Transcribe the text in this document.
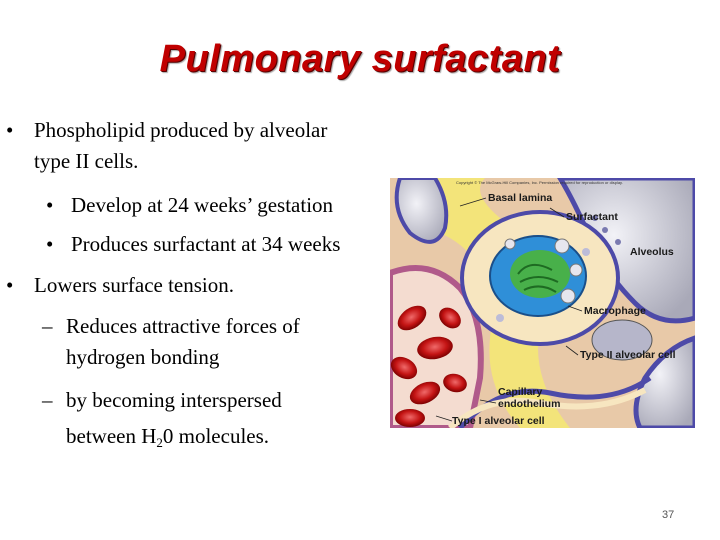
Pulmonary surfactant
• Phospholipid produced by alveolar
type II cells.
• Develop at 24 weeks’ gestation
• Produces surfactant at 34 weeks
• Lowers surface tension.
– Reduces attractive forces of
hydrogen bonding
– by becoming interspersed
between $H_20$ molecules.
Copyright © The McGraw-Hill Companies, Inc. Permission required for reproduction or display.
Basal lamina
Surfactant
Alveolus
Macrophage
Type II alveolar cell
Capillary
endothelium
Type I alveolar cell
37
